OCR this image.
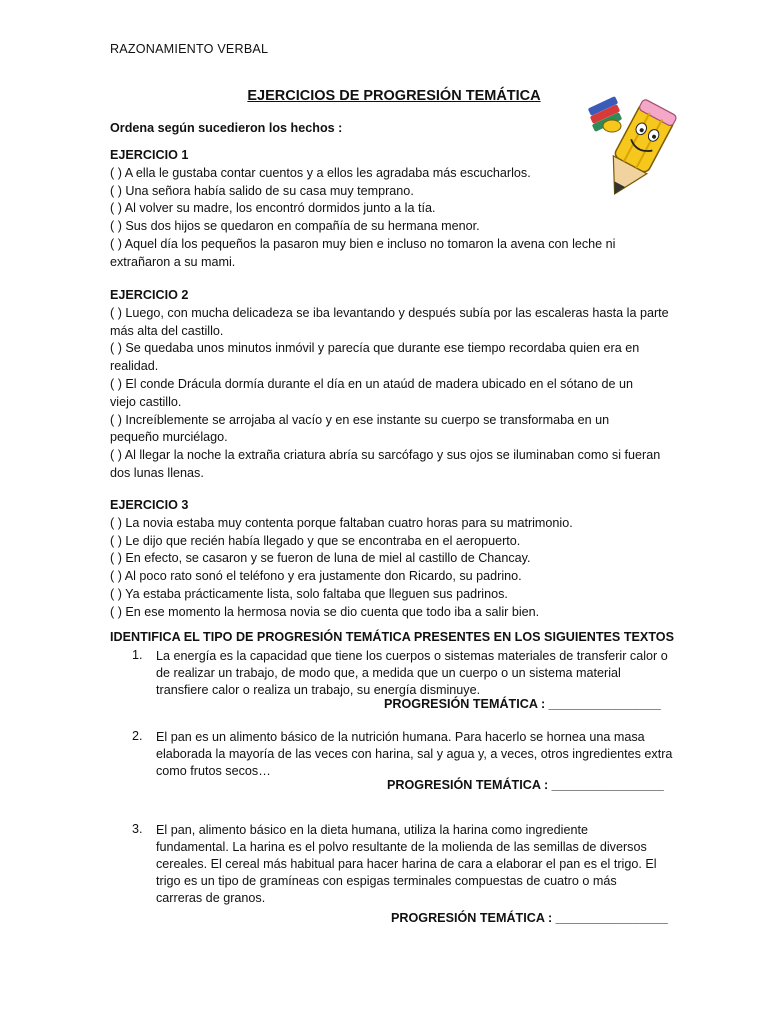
RAZONAMIENTO VERBAL
EJERCICIOS DE PROGRESIÓN TEMÁTICA
Ordena según sucedieron los hechos :
EJERCICIO 1
( ) A ella le gustaba contar cuentos y a ellos les agradaba más escucharlos.
( ) Una señora había salido de su casa muy temprano.
( ) Al volver su madre, los encontró dormidos junto a la tía.
( ) Sus dos hijos se quedaron en compañía de su hermana menor.
( ) Aquel día los pequeños la pasaron muy bien e incluso no tomaron la avena con leche ni
extrañaron a su mami.
EJERCICIO 2
( ) Luego, con mucha delicadeza se iba levantando y después subía por las escaleras hasta la parte
más alta del castillo.
( ) Se quedaba unos minutos inmóvil y parecía que durante ese tiempo recordaba quien era en
realidad.
( ) El conde Drácula dormía durante el día en un ataúd de madera ubicado en el sótano de un
viejo castillo.
( ) Increíblemente se arrojaba al vacío y en ese instante su cuerpo se transformaba en un
pequeño murciélago.
( ) Al llegar la noche la extraña criatura abría su sarcófago y sus ojos se iluminaban como si fueran
dos lunas llenas.
EJERCICIO 3
( ) La novia estaba muy contenta porque faltaban cuatro horas para su matrimonio.
( ) Le dijo que recién había llegado y que se encontraba en el aeropuerto.
( ) En efecto, se casaron y se fueron de luna de miel al castillo de Chancay.
( ) Al poco rato sonó el teléfono y era justamente don Ricardo, su padrino.
( ) Ya estaba prácticamente lista, solo faltaba que lleguen sus padrinos.
( ) En ese momento la hermosa novia se dio cuenta que todo iba a salir bien.
IDENTIFICA EL TIPO DE PROGRESIÓN TEMÁTICA PRESENTES EN LOS SIGUIENTES TEXTOS
1. La energía es la capacidad que tiene los cuerpos o sistemas materiales de transferir calor o
de realizar un trabajo, de modo que, a medida que un cuerpo o un sistema material
transfiere calor o realiza un trabajo, su energía disminuye.
PROGRESIÓN TEMÁTICA : ________________
2. El pan es un alimento básico de la nutrición humana. Para hacerlo se hornea una masa
elaborada la mayoría de las veces con harina, sal y agua y, a veces, otros ingredientes extra
como frutos secos…
PROGRESIÓN TEMÁTICA : ________________
3. El pan, alimento básico en la dieta humana, utiliza la harina como ingrediente
fundamental. La harina es el polvo resultante de la molienda de las semillas de diversos
cereales. El cereal más habitual para hacer harina de cara a elaborar el pan es el trigo. El
trigo es un tipo de gramíneas con espigas terminales compuestas de cuatro o más
carreras de granos.
PROGRESIÓN TEMÁTICA : ________________
